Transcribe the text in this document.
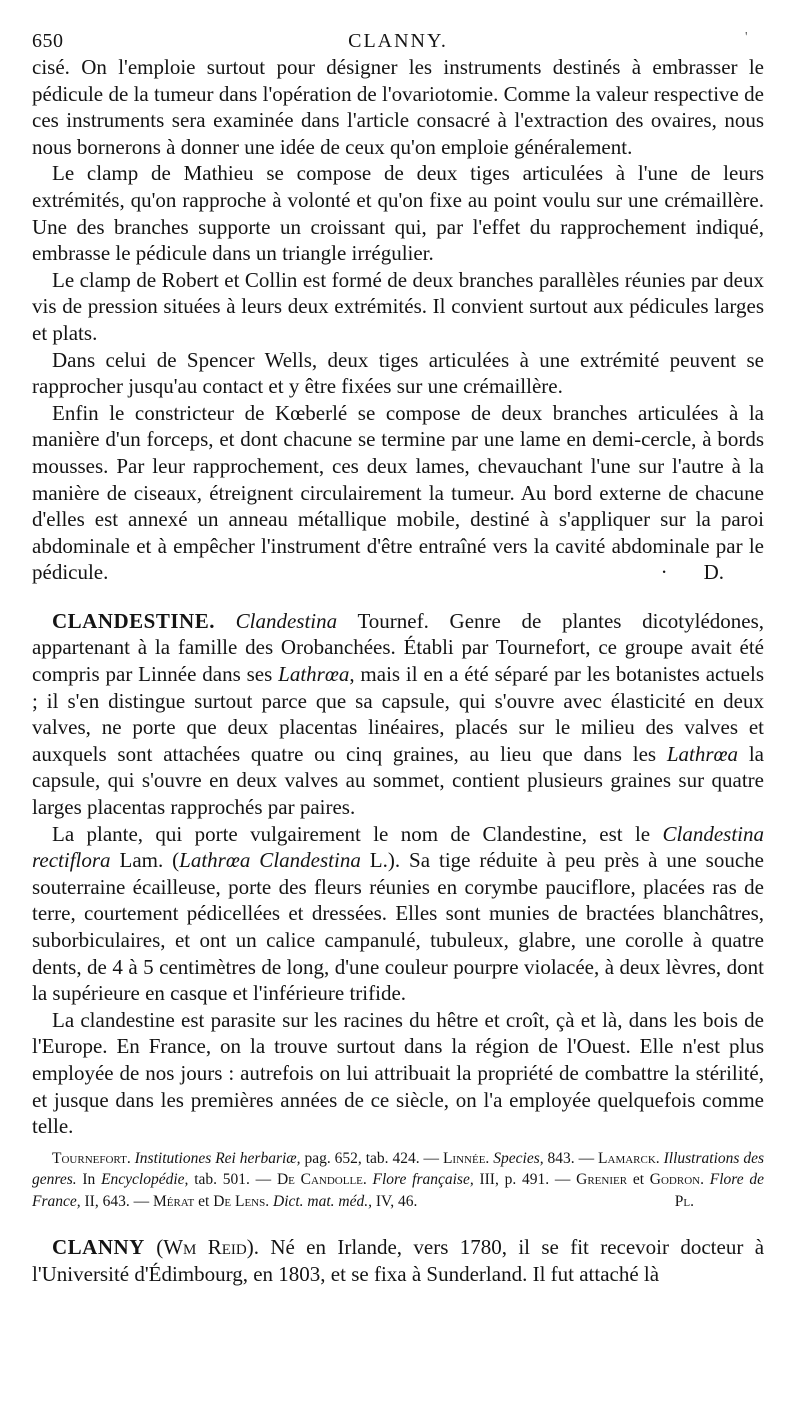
650	CLANNY.	'

cisé. On l'emploie surtout pour désigner les instruments destinés à embrasser le pédicule de la tumeur dans l'opération de l'ovariotomie. Comme la valeur respective de ces instruments sera examinée dans l'article consacré à l'extraction des ovaires, nous nous bornerons à donner une idée de ceux qu'on emploie généralement.

Le clamp de Mathieu se compose de deux tiges articulées à l'une de leurs extrémités, qu'on rapproche à volonté et qu'on fixe au point voulu sur une crémaillère. Une des branches supporte un croissant qui, par l'effet du rapprochement indiqué, embrasse le pédicule dans un triangle irrégulier.

Le clamp de Robert et Collin est formé de deux branches parallèles réunies par deux vis de pression situées à leurs deux extrémités. Il convient surtout aux pédicules larges et plats.

Dans celui de Spencer Wells, deux tiges articulées à une extrémité peuvent se rapprocher jusqu'au contact et y être fixées sur une crémaillère.

Enfin le constricteur de Kœberlé se compose de deux branches articulées à la manière d'un forceps, et dont chacune se termine par une lame en demi-cercle, à bords mousses. Par leur rapprochement, ces deux lames, chevauchant l'une sur l'autre à la manière de ciseaux, étreignent circulairement la tumeur. Au bord externe de chacune d'elles est annexé un anneau métallique mobile, destiné à s'appliquer sur la paroi abdominale et à empêcher l'instrument d'être entraîné vers la cavité abdominale par le pédicule.	· D.

CLANDESTINE. Clandestina Tournef. Genre de plantes dicotylédones, appartenant à la famille des Orobanchées. Établi par Tournefort, ce groupe avait été compris par Linnée dans ses Lathrœa, mais il en a été séparé par les botanistes actuels ; il s'en distingue surtout parce que sa capsule, qui s'ouvre avec élasticité en deux valves, ne porte que deux placentas linéaires, placés sur le milieu des valves et auxquels sont attachées quatre ou cinq graines, au lieu que dans les Lathrœa la capsule, qui s'ouvre en deux valves au sommet, contient plusieurs graines sur quatre larges placentas rapprochés par paires.

La plante, qui porte vulgairement le nom de Clandestine, est le Clandestina rectiflora Lam. (Lathrœa Clandestina L.). Sa tige réduite à peu près à une souche souterraine écailleuse, porte des fleurs réunies en corymbe pauciflore, placées ras de terre, courtement pédicellées et dressées. Elles sont munies de bractées blanchâtres, suborbiculaires, et ont un calice campanulé, tubuleux, glabre, une corolle à quatre dents, de 4 à 5 centimètres de long, d'une couleur pourpre violacée, à deux lèvres, dont la supérieure en casque et l'inférieure trifide.

La clandestine est parasite sur les racines du hêtre et croît, çà et là, dans les bois de l'Europe. En France, on la trouve surtout dans la région de l'Ouest. Elle n'est plus employée de nos jours : autrefois on lui attribuait la propriété de combattre la stérilité, et jusque dans les premières années de ce siècle, on l'a employée quelquefois comme telle.

Tournefort. Institutiones Rei herbariæ, pag. 652, tab. 424. — Linnée. Species, 843. — Lamarck. Illustrations des genres. In Encyclopédie, tab. 501. — De Candolle. Flore française, III, p. 491. — Grenier et Godron. Flore de France, II, 643. — Mérat et De Lens. Dict. mat. méd., IV, 46.	Pl.

CLANNY (Wm Reid). Né en Irlande, vers 1780, il se fit recevoir docteur à l'Université d'Édimbourg, en 1803, et se fixa à Sunderland. Il fut attaché là
